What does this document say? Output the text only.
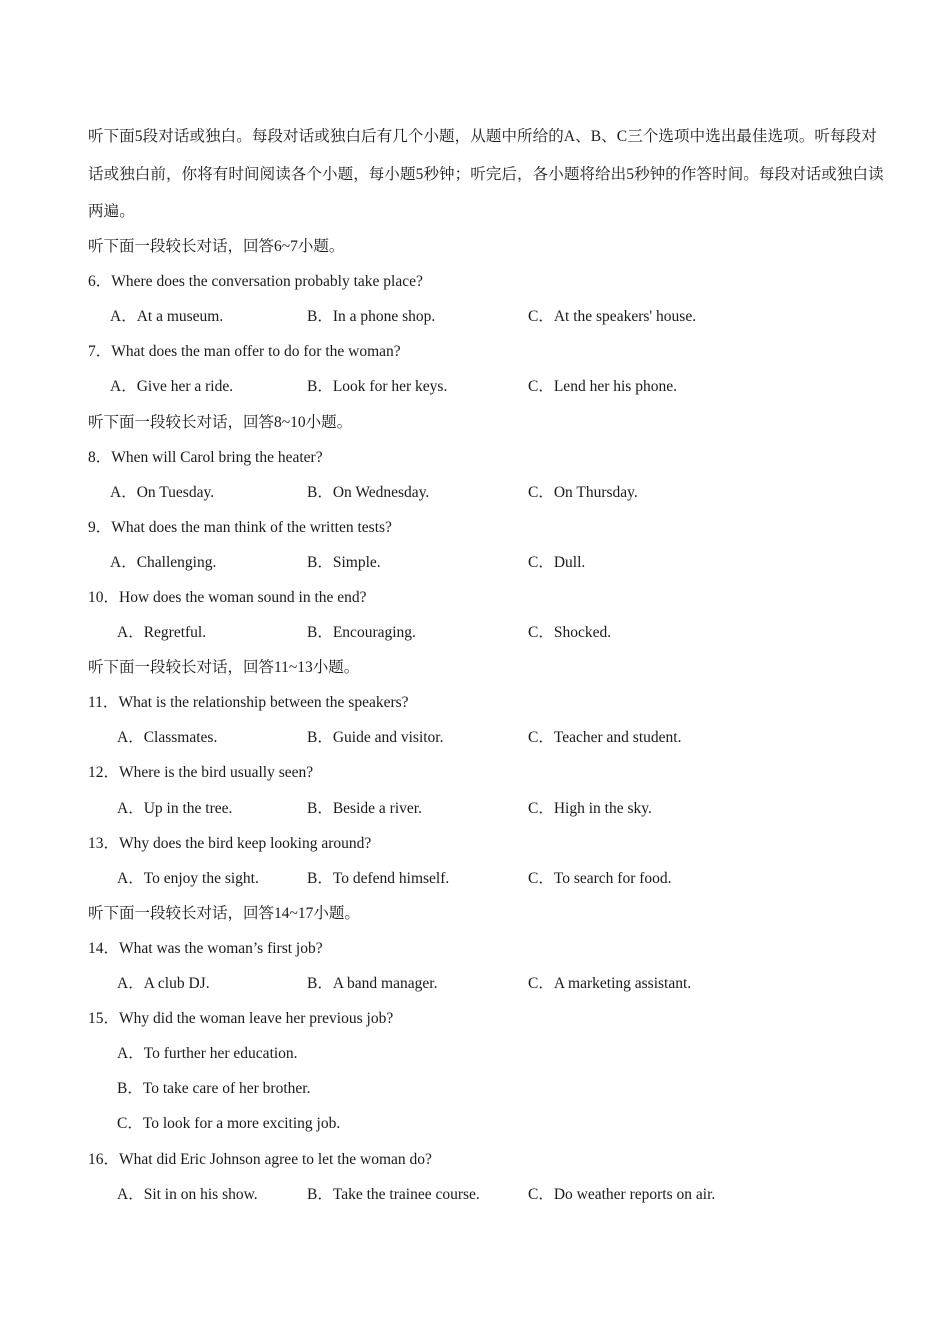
听下面5段对话或独白。每段对话或独白后有几个小题，从题中所给的A、B、C三个选项中选出最佳选项。听每段对话或独白前，你将有时间阅读各个小题，每小题5秒钟；听完后，各小题将给出5秒钟的作答时间。每段对话或独白读两遍。
听下面一段较长对话，回答6~7小题。
6．Where does the conversation probably take place?
A．At a museum.	B．In a phone shop.	C．At the speakers' house.
7．What does the man offer to do for the woman?
A．Give her a ride.	B．Look for her keys.	C．Lend her his phone.
听下面一段较长对话，回答8~10小题。
8．When will Carol bring the heater?
A．On Tuesday.	B．On Wednesday.	C．On Thursday.
9．What does the man think of the written tests?
A．Challenging.	B．Simple.	C．Dull.
10．How does the woman sound in the end?
A．Regretful.	B．Encouraging.	C．Shocked.
听下面一段较长对话，回答11~13小题。
11．What is the relationship between the speakers?
A．Classmates.	B．Guide and visitor.	C．Teacher and student.
12．Where is the bird usually seen?
A．Up in the tree.	B．Beside a river.	C．High in the sky.
13．Why does the bird keep looking around?
A．To enjoy the sight.	B．To defend himself.	C．To search for food.
听下面一段较长对话，回答14~17小题。
14．What was the woman’s first job?
A．A club DJ.	B．A band manager.	C．A marketing assistant.
15．Why did the woman leave her previous job?
A．To further her education.
B．To take care of her brother.
C．To look for a more exciting job.
16．What did Eric Johnson agree to let the woman do?
A．Sit in on his show.	B．Take the trainee course.	C．Do weather reports on air.
